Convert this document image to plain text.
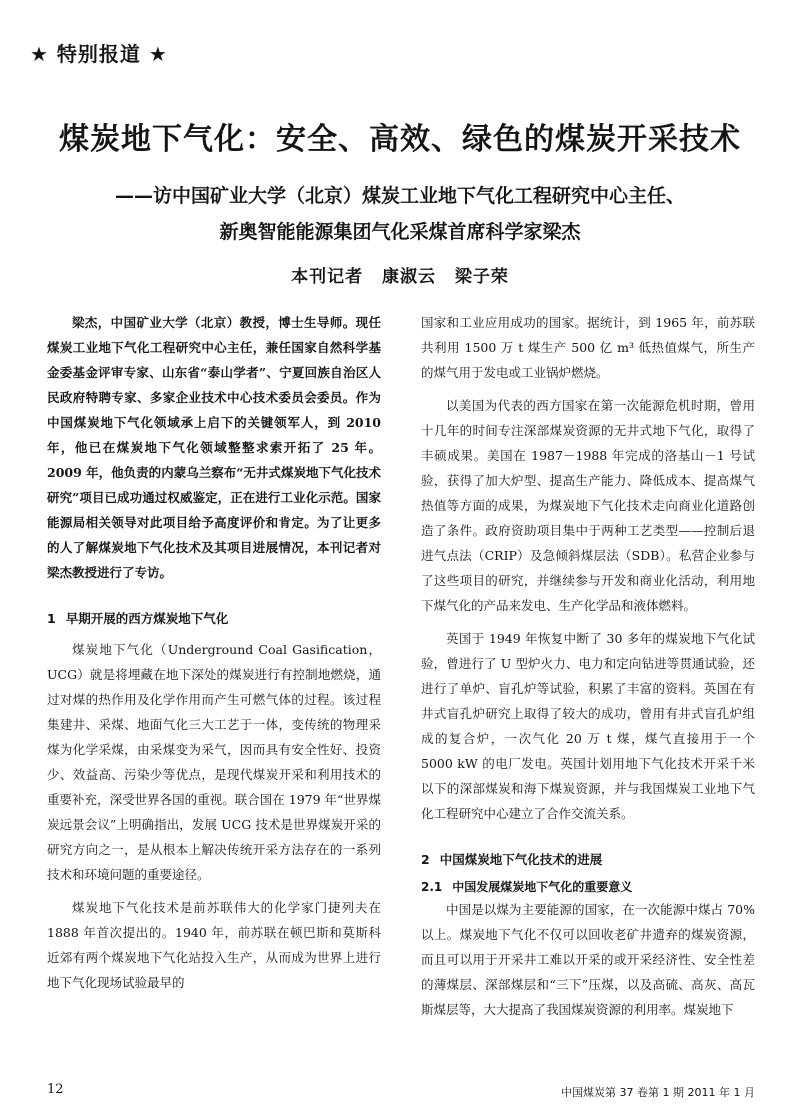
★ 特别报道 ★
煤炭地下气化：安全、高效、绿色的煤炭开采技术
——访中国矿业大学（北京）煤炭工业地下气化工程研究中心主任、
新奥智能能源集团气化采煤首席科学家梁杰
本刊记者 康淑云 梁子荣

梁杰，中国矿业大学（北京）教授，博士生导师。现任煤炭工业地下气化工程研究中心主任，兼任国家自然科学基金委基金评审专家、山东省“泰山学者”、宁夏回族自治区人民政府特聘专家、多家企业技术中心技术委员会委员。作为中国煤炭地下气化领域承上启下的关键领军人，到 2010 年，他已在煤炭地下气化领域整整求索开拓了 25 年。2009 年，他负责的内蒙乌兰察布“无井式煤炭地下气化技术研究”项目已成功通过权威鉴定，正在进行工业化示范。国家能源局相关领导对此项目给予高度评价和肯定。为了让更多的人了解煤炭地下气化技术及其项目进展情况，本刊记者对梁杰教授进行了专访。

1 早期开展的西方煤炭地下气化

煤炭地下气化（Underground Coal Gasification，UCG）就是将埋藏在地下深处的煤炭进行有控制地燃烧，通过对煤的热作用及化学作用而产生可燃气体的过程。该过程集建井、采煤、地面气化三大工艺于一体，变传统的物理采煤为化学采煤，由采煤变为采气，因而具有安全性好、投资少、效益高、污染少等优点，是现代煤炭开采和利用技术的重要补充，深受世界各国的重视。联合国在 1979 年“世界煤炭远景会议”上明确指出，发展 UCG 技术是世界煤炭开采的研究方向之一，是从根本上解决传统开采方法存在的一系列技术和环境问题的重要途径。

煤炭地下气化技术是前苏联伟大的化学家门捷列夫在 1888 年首次提出的。1940 年，前苏联在顿巴斯和莫斯科近郊有两个煤炭地下气化站投入生产，从而成为世界上进行地下气化现场试验最早的

国家和工业应用成功的国家。据统计，到 1965 年，前苏联共利用 1500 万 t 煤生产 500 亿 m³ 低热值煤气，所生产的煤气用于发电或工业锅炉燃烧。

以美国为代表的西方国家在第一次能源危机时期，曾用十几年的时间专注深部煤炭资源的无井式地下气化，取得了丰硕成果。美国在 1987－1988 年完成的洛基山－1 号试验，获得了加大炉型、提高生产能力、降低成本、提高煤气热值等方面的成果，为煤炭地下气化技术走向商业化道路创造了条件。政府资助项目集中于两种工艺类型——控制后退进气点法（CRIP）及急倾斜煤层法（SDB）。私营企业参与了这些项目的研究，并继续参与开发和商业化活动，利用地下煤气化的产品来发电、生产化学品和液体燃料。

英国于 1949 年恢复中断了 30 多年的煤炭地下气化试验，曾进行了 U 型炉火力、电力和定向钻进等贯通试验，还进行了单炉、盲孔炉等试验，积累了丰富的资料。英国在有井式盲孔炉研究上取得了较大的成功，曾用有井式盲孔炉组成的复合炉，一次气化 20 万 t 煤，煤气直接用于一个 5000 kW 的电厂发电。英国计划用地下气化技术开采千米以下的深部煤炭和海下煤炭资源，并与我国煤炭工业地下气化工程研究中心建立了合作交流关系。

2 中国煤炭地下气化技术的进展
2.1 中国发展煤炭地下气化的重要意义

中国是以煤为主要能源的国家，在一次能源中煤占 70%以上。煤炭地下气化不仅可以回收老矿井遗弃的煤炭资源，而且可以用于开采井工难以开采的或开采经济性、安全性差的薄煤层、深部煤层和“三下”压煤，以及高硫、高灰、高瓦斯煤层等，大大提高了我国煤炭资源的利用率。煤炭地下

12	中国煤炭第 37 卷第 1 期 2011 年 1 月
